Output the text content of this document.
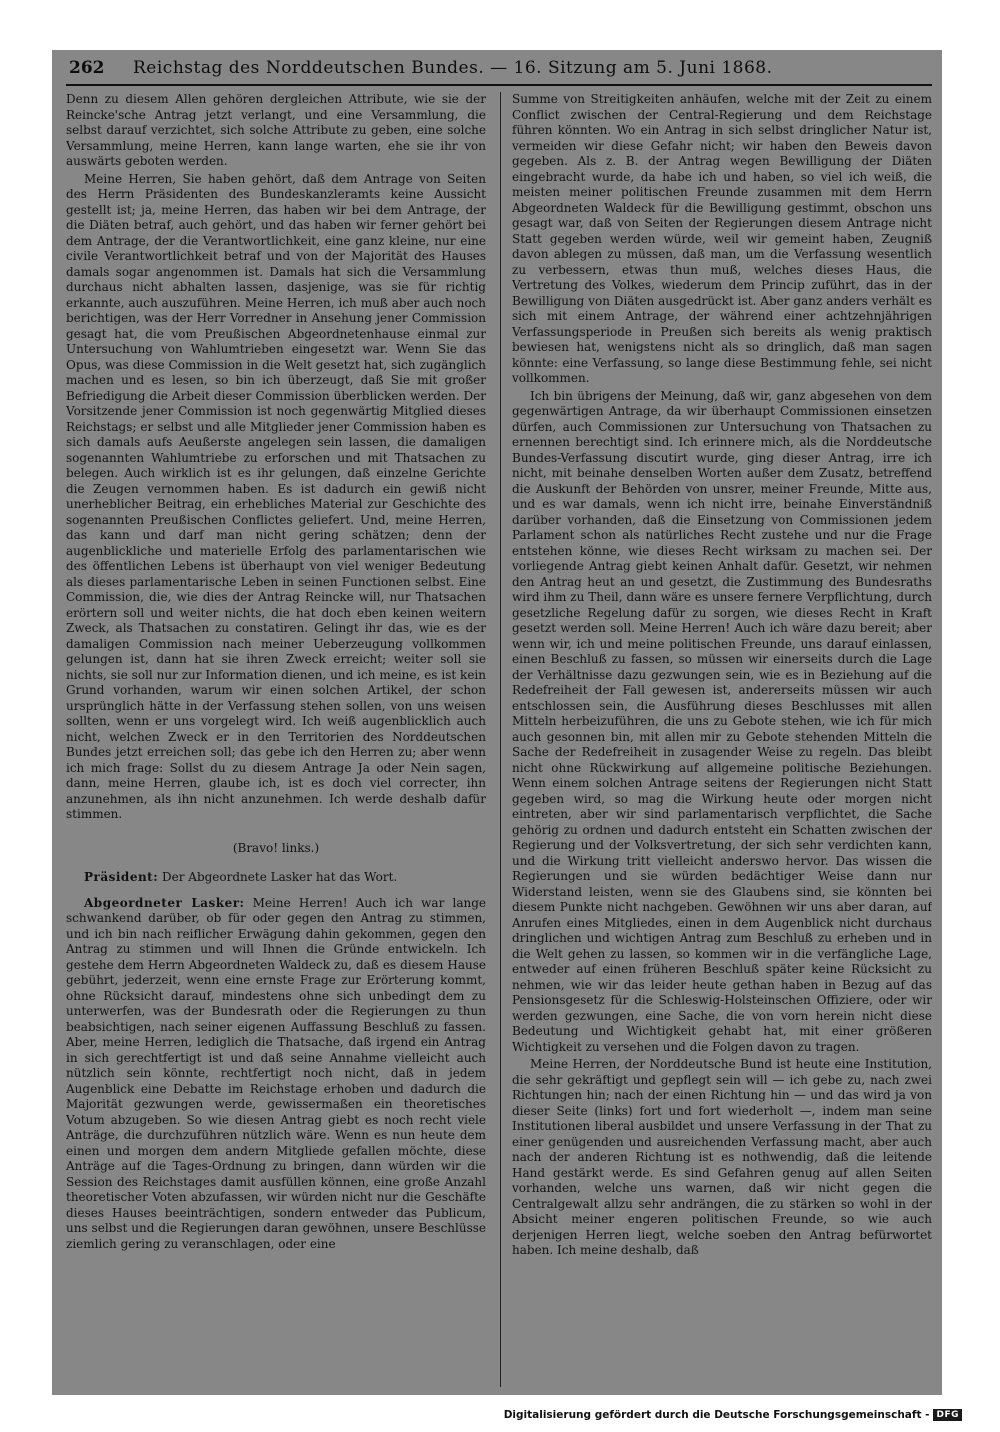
262 Reichstag des Norddeutschen Bundes. — 16. Sitzung am 5. Juni 1868.

Denn zu diesem Allen gehören dergleichen Attribute, wie sie der Reincke'sche Antrag jetzt verlangt, und eine Versammlung, die selbst darauf verzichtet, sich solche Attribute zu geben, eine solche Versammlung, meine Herren, kann lange warten, ehe sie ihr von auswärts geboten werden.

Meine Herren, Sie haben gehört, daß dem Antrage von Seiten des Herrn Präsidenten des Bundeskanzleramts keine Aussicht gestellt ist; ja, meine Herren, das haben wir bei dem Antrage, der die Diäten betraf, auch gehört, und das haben wir ferner gehört bei dem Antrage, der die Verantwortlichkeit, eine ganz kleine, nur eine civile Verantwortlichkeit betraf und von der Majorität des Hauses damals sogar angenommen ist. Damals hat sich die Versammlung durchaus nicht abhalten lassen, dasjenige, was sie für richtig erkannte, auch auszuführen. Meine Herren, ich muß aber auch noch berichtigen, was der Herr Vorredner in Ansehung jener Commission gesagt hat, die vom Preußischen Abgeordnetenhause einmal zur Untersuchung von Wahlumtrieben eingesetzt war. Wenn Sie das Opus, was diese Commission in die Welt gesetzt hat, sich zugänglich machen und es lesen, so bin ich überzeugt, daß Sie mit großer Befriedigung die Arbeit dieser Commission überblicken werden. Der Vorsitzende jener Commission ist noch gegenwärtig Mitglied dieses Reichstags; er selbst und alle Mitglieder jener Commission haben es sich damals aufs Aeußerste angelegen sein lassen, die damaligen sogenannten Wahlumtriebe zu erforschen und mit Thatsachen zu belegen. Auch wirklich ist es ihr gelungen, daß einzelne Gerichte die Zeugen vernommen haben. Es ist dadurch ein gewiß nicht unerheblicher Beitrag, ein erhebliches Material zur Geschichte des sogenannten Preußischen Conflictes geliefert. Und, meine Herren, das kann und darf man nicht gering schätzen; denn der augenblickliche und materielle Erfolg des parlamentarischen wie des öffentlichen Lebens ist überhaupt von viel weniger Bedeutung als dieses parlamentarische Leben in seinen Functionen selbst. Eine Commission, die, wie dies der Antrag Reincke will, nur Thatsachen erörtern soll und weiter nichts, die hat doch eben keinen weitern Zweck, als Thatsachen zu constatiren. Gelingt ihr das, wie es der damaligen Commission nach meiner Ueberzeugung vollkommen gelungen ist, dann hat sie ihren Zweck erreicht; weiter soll sie nichts, sie soll nur zur Information dienen, und ich meine, es ist kein Grund vorhanden, warum wir einen solchen Artikel, der schon ursprünglich hätte in der Verfassung stehen sollen, von uns weisen sollten, wenn er uns vorgelegt wird. Ich weiß augenblicklich auch nicht, welchen Zweck er in den Territorien des Norddeutschen Bundes jetzt erreichen soll; das gebe ich den Herren zu; aber wenn ich mich frage: Sollst du zu diesem Antrage Ja oder Nein sagen, dann, meine Herren, glaube ich, ist es doch viel correcter, ihn anzunehmen, als ihn nicht anzunehmen. Ich werde deshalb dafür stimmen.

(Bravo! links.)

Präsident: Der Abgeordnete Lasker hat das Wort.

Abgeordneter Lasker: Meine Herren! Auch ich war lange schwankend darüber, ob für oder gegen den Antrag zu stimmen, und ich bin nach reiflicher Erwägung dahin gekommen, gegen den Antrag zu stimmen und will Ihnen die Gründe entwickeln. Ich gestehe dem Herrn Abgeordneten Waldeck zu, daß es diesem Hause gebührt, jederzeit, wenn eine ernste Frage zur Erörterung kommt, ohne Rücksicht darauf, mindestens ohne sich unbedingt dem zu unterwerfen, was der Bundesrath oder die Regierungen zu thun beabsichtigen, nach seiner eigenen Auffassung Beschluß zu fassen. Aber, meine Herren, lediglich die Thatsache, daß irgend ein Antrag in sich gerechtfertigt ist und daß seine Annahme vielleicht auch nützlich sein könnte, rechtfertigt noch nicht, daß in jedem Augenblick eine Debatte im Reichstage erhoben und dadurch die Majorität gezwungen werde, gewissermaßen ein theoretisches Votum abzugeben. So wie diesen Antrag giebt es noch recht viele Anträge, die durchzuführen nützlich wäre. Wenn es nun heute dem einen und morgen dem andern Mitgliede gefallen möchte, diese Anträge auf die Tages-Ordnung zu bringen, dann würden wir die Session des Reichstages damit ausfüllen können, eine große Anzahl theoretischer Voten abzufassen, wir würden nicht nur die Geschäfte dieses Hauses beeinträchtigen, sondern entweder das Publicum, uns selbst und die Regierungen daran gewöhnen, unsere Beschlüsse ziemlich gering zu veranschlagen, oder eine

Summe von Streitigkeiten anhäufen, welche mit der Zeit zu einem Conflict zwischen der Central-Regierung und dem Reichstage führen könnten. Wo ein Antrag in sich selbst dringlicher Natur ist, vermeiden wir diese Gefahr nicht; wir haben den Beweis davon gegeben. Als z. B. der Antrag wegen Bewilligung der Diäten eingebracht wurde, da habe ich und haben, so viel ich weiß, die meisten meiner politischen Freunde zusammen mit dem Herrn Abgeordneten Waldeck für die Bewilligung gestimmt, obschon uns gesagt war, daß von Seiten der Regierungen diesem Antrage nicht Statt gegeben werden würde, weil wir gemeint haben, Zeugniß davon ablegen zu müssen, daß man, um die Verfassung wesentlich zu verbessern, etwas thun muß, welches dieses Haus, die Vertretung des Volkes, wiederum dem Princip zuführt, das in der Bewilligung von Diäten ausgedrückt ist. Aber ganz anders verhält es sich mit einem Antrage, der während einer achtzehnjährigen Verfassungsperiode in Preußen sich bereits als wenig praktisch bewiesen hat, wenigstens nicht als so dringlich, daß man sagen könnte: eine Verfassung, so lange diese Bestimmung fehle, sei nicht vollkommen.

Ich bin übrigens der Meinung, daß wir, ganz abgesehen von dem gegenwärtigen Antrage, da wir überhaupt Commissionen einsetzen dürfen, auch Commissionen zur Untersuchung von Thatsachen zu ernennen berechtigt sind. Ich erinnere mich, als die Norddeutsche Bundes-Verfassung discutirt wurde, ging dieser Antrag, irre ich nicht, mit beinahe denselben Worten außer dem Zusatz, betreffend die Auskunft der Behörden von unsrer, meiner Freunde, Mitte aus, und es war damals, wenn ich nicht irre, beinahe Einverständniß darüber vorhanden, daß die Einsetzung von Commissionen jedem Parlament schon als natürliches Recht zustehe und nur die Frage entstehen könne, wie dieses Recht wirksam zu machen sei. Der vorliegende Antrag giebt keinen Anhalt dafür. Gesetzt, wir nehmen den Antrag heut an und gesetzt, die Zustimmung des Bundesraths wird ihm zu Theil, dann wäre es unsere fernere Verpflichtung, durch gesetzliche Regelung dafür zu sorgen, wie dieses Recht in Kraft gesetzt werden soll. Meine Herren! Auch ich wäre dazu bereit; aber wenn wir, ich und meine politischen Freunde, uns darauf einlassen, einen Beschluß zu fassen, so müssen wir einerseits durch die Lage der Verhältnisse dazu gezwungen sein, wie es in Beziehung auf die Redefreiheit der Fall gewesen ist, andererseits müssen wir auch entschlossen sein, die Ausführung dieses Beschlusses mit allen Mitteln herbeizuführen, die uns zu Gebote stehen, wie ich für mich auch gesonnen bin, mit allen mir zu Gebote stehenden Mitteln die Sache der Redefreiheit in zusagender Weise zu regeln. Das bleibt nicht ohne Rückwirkung auf allgemeine politische Beziehungen. Wenn einem solchen Antrage seitens der Regierungen nicht Statt gegeben wird, so mag die Wirkung heute oder morgen nicht eintreten, aber wir sind parlamentarisch verpflichtet, die Sache gehörig zu ordnen und dadurch entsteht ein Schatten zwischen der Regierung und der Volksvertretung, der sich sehr verdichten kann, und die Wirkung tritt vielleicht anderswo hervor. Das wissen die Regierungen und sie würden bedächtiger Weise dann nur Widerstand leisten, wenn sie des Glaubens sind, sie könnten bei diesem Punkte nicht nachgeben. Gewöhnen wir uns aber daran, auf Anrufen eines Mitgliedes, einen in dem Augenblick nicht durchaus dringlichen und wichtigen Antrag zum Beschluß zu erheben und in die Welt gehen zu lassen, so kommen wir in die verfängliche Lage, entweder auf einen früheren Beschluß später keine Rücksicht zu nehmen, wie wir das leider heute gethan haben in Bezug auf das Pensionsgesetz für die Schleswig-Holsteinschen Offiziere, oder wir werden gezwungen, eine Sache, die von vorn herein nicht diese Bedeutung und Wichtigkeit gehabt hat, mit einer größeren Wichtigkeit zu versehen und die Folgen davon zu tragen.

Meine Herren, der Norddeutsche Bund ist heute eine Institution, die sehr gekräftigt und gepflegt sein will — ich gebe zu, nach zwei Richtungen hin; nach der einen Richtung hin — und das wird ja von dieser Seite (links) fort und fort wiederholt —, indem man seine Institutionen liberal ausbildet und unsere Verfassung in der That zu einer genügenden und ausreichenden Verfassung macht, aber auch nach der anderen Richtung ist es nothwendig, daß die leitende Hand gestärkt werde. Es sind Gefahren genug auf allen Seiten vorhanden, welche uns warnen, daß wir nicht gegen die Centralgewalt allzu sehr andrängen, die zu stärken so wohl in der Absicht meiner engeren politischen Freunde, so wie auch derjenigen Herren liegt, welche soeben den Antrag befürwortet haben. Ich meine deshalb, daß

Digitalisierung gefördert durch die Deutsche Forschungsgemeinschaft - DFG
